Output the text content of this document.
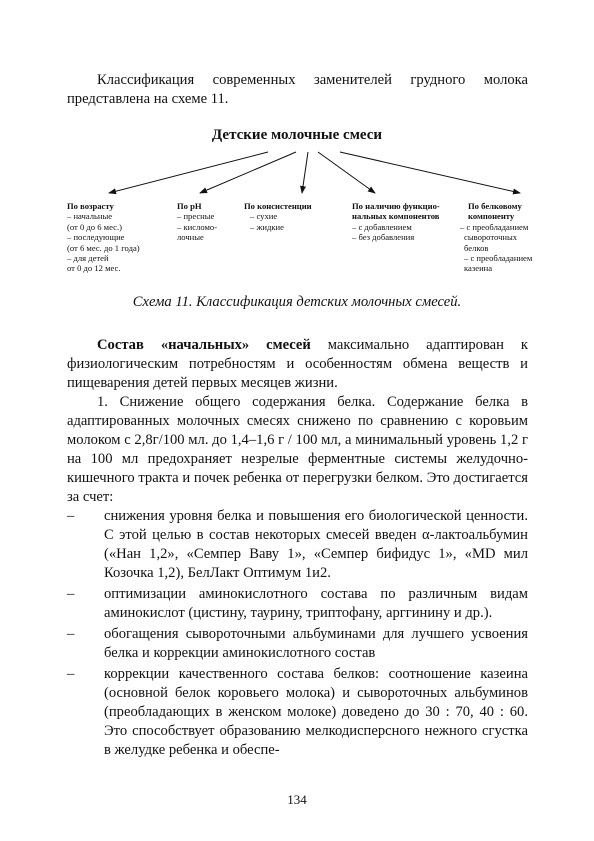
Классификация современных заменителей грудного молока представлена на схеме 11.

Детские молочные смеси
По возрасту
– начальные
(от 0 до 6 мес.)
– последующие
(от 6 мес. до 1 года)
– для детей
от 0 до 12 мес.
По pH
– пресные
– кисломо-
лочные
По консистенции
– сухие
– жидкие
По наличию функцио-
нальных компонентов
– с добавлением
– без добавления
По белковому
компоненту
– с преобладанием
сывороточных
белков
– с преобладанием
казеина
Схема 11. Классификация детских молочных смесей.

Состав «начальных» смесей максимально адаптирован к физиологическим потребностям и особенностям обмена веществ и пищеварения детей первых месяцев жизни.

1. Снижение общего содержания белка. Содержание белка в адаптированных молочных смесях снижено по сравнению с коровьим молоком с 2,8г/100 мл. до 1,4–1,6 г / 100 мл, а минимальный уровень 1,2 г на 100 мл предохраняет незрелые ферментные системы желудочно-кишечного тракта и почек ребенка от перегрузки белком. Это достигается за счет:

– снижения уровня белка и повышения его биологической ценности. С этой целью в состав некоторых смесей введен α-лактоальбумин («Нан 1,2», «Семпер Baву 1», «Семпер бифидус 1», «MD мил Козочка 1,2), БелЛакт Оптимум 1и2.
– оптимизации аминокислотного состава по различным видам аминокислот (цистину, таурину, триптофану, арггинину и др.).
– обогащения сывороточными альбуминами для лучшего усвоения белка и коррекции аминокислотного состав
– коррекции качественного состава белков: соотношение казеина (основной белок коровьего молока) и сывороточных альбуминов (преобладающих в женском молоке) доведено до 30 : 70, 40 : 60. Это способствует образованию мелкодисперсного нежного сгустка в желудке ребенка и обеспе-
134
